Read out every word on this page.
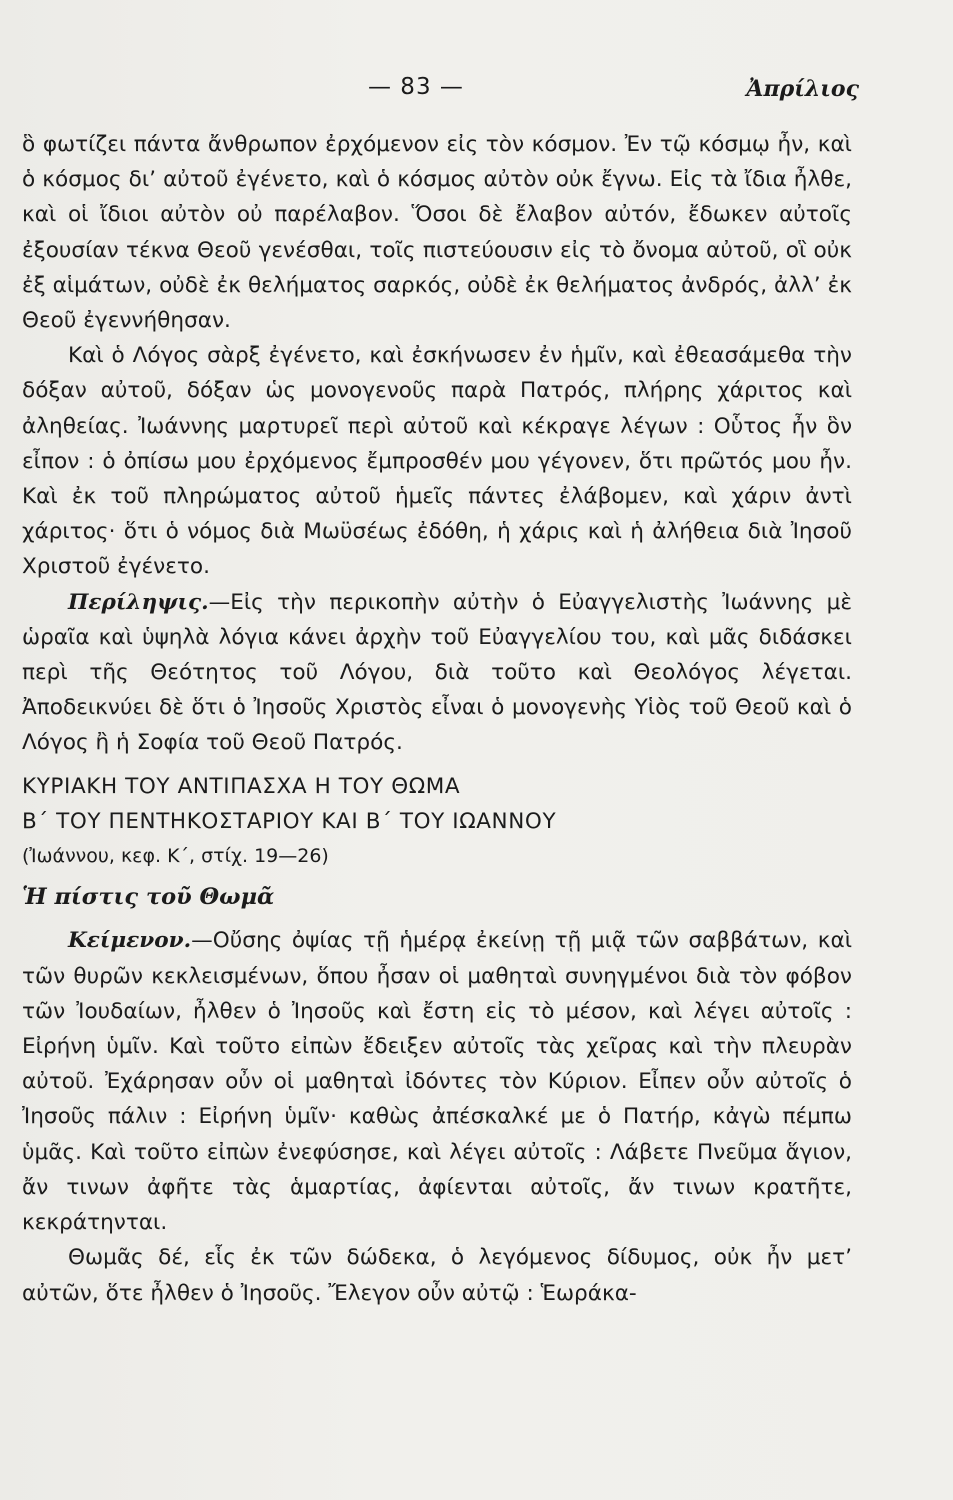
— 83 —	Ἀπρίλιος

ὃ φωτίζει πάντα ἄνθρωπον ἐρχόμενον εἰς τὸν κόσμον. Ἐν τῷ κόσμῳ ἦν, καὶ ὁ κόσμος δι’ αὐτοῦ ἐγένετο, καὶ ὁ κόσμος αὐτὸν οὐκ ἔγνω. Εἰς τὰ ἴδια ἦλθε, καὶ οἱ ἴδιοι αὐτὸν οὐ παρέλαβον. Ὅσοι δὲ ἔλαβον αὐτόν, ἔδωκεν αὐτοῖς ἐξουσίαν τέκνα Θεοῦ γενέσθαι, τοῖς πιστεύουσιν εἰς τὸ ὄνομα αὐτοῦ, οἳ οὐκ ἐξ αἱμάτων, οὐδὲ ἐκ θελήματος σαρκός, οὐδὲ ἐκ θελήματος ἀνδρός, ἀλλ’ ἐκ Θεοῦ ἐγεννήθησαν.

Καὶ ὁ Λόγος σὰρξ ἐγένετο, καὶ ἐσκήνωσεν ἐν ἡμῖν, καὶ ἐθεασάμεθα τὴν δόξαν αὐτοῦ, δόξαν ὡς μονογενοῦς παρὰ Πατρός, πλήρης χάριτος καὶ ἀληθείας. Ἰωάννης μαρτυρεῖ περὶ αὐτοῦ καὶ κέκραγε λέγων : Οὗτος ἦν ὃν εἶπον : ὁ ὀπίσω μου ἐρχόμενος ἔμπροσθέν μου γέγονεν, ὅτι πρῶτός μου ἦν. Καὶ ἐκ τοῦ πληρώματος αὐτοῦ ἡμεῖς πάντες ἐλάβομεν, καὶ χάριν ἀντὶ χάριτος· ὅτι ὁ νόμος διὰ Μωϋσέως ἐδόθη, ἡ χάρις καὶ ἡ ἀλήθεια διὰ Ἰησοῦ Χριστοῦ ἐγένετο.

Περίληψις.—Εἰς τὴν περικοπὴν αὐτὴν ὁ Εὐαγγελιστὴς Ἰωάννης μὲ ὡραῖα καὶ ὑψηλὰ λόγια κάνει ἀρχὴν τοῦ Εὐαγγελίου του, καὶ μᾶς διδάσκει περὶ τῆς Θεότητος τοῦ Λόγου, διὰ τοῦτο καὶ Θεολόγος λέγεται. Ἀποδεικνύει δὲ ὅτι ὁ Ἰησοῦς Χριστὸς εἶναι ὁ μονογενὴς Υἱὸς τοῦ Θεοῦ καὶ ὁ Λόγος ἢ ἡ Σοφία τοῦ Θεοῦ Πατρός.

ΚΥΡΙΑΚΗ ΤΟΥ ΑΝΤΙΠΑΣΧΑ Η ΤΟΥ ΘΩΜΑ

Β΄ ΤΟΥ ΠΕΝΤΗΚΟΣΤΑΡΙΟΥ ΚΑΙ Β΄ ΤΟΥ ΙΩΑΝΝΟΥ

(Ἰωάννου, κεφ. Κ΄, στίχ. 19—26)

Ἡ πίστις τοῦ Θωμᾶ

Κείμενον.—Οὔσης ὀψίας τῇ ἡμέρᾳ ἐκείνῃ τῇ μιᾷ τῶν σαββάτων, καὶ τῶν θυρῶν κεκλεισμένων, ὅπου ἦσαν οἱ μαθηταὶ συνηγμένοι διὰ τὸν φόβον τῶν Ἰουδαίων, ἦλθεν ὁ Ἰησοῦς καὶ ἔστη εἰς τὸ μέσον, καὶ λέγει αὐτοῖς : Εἰρήνη ὑμῖν. Καὶ τοῦτο εἰπὼν ἔδειξεν αὐτοῖς τὰς χεῖρας καὶ τὴν πλευρὰν αὐτοῦ. Ἐχάρησαν οὖν οἱ μαθηταὶ ἰδόντες τὸν Κύριον. Εἶπεν οὖν αὐτοῖς ὁ Ἰησοῦς πάλιν : Εἰρήνη ὑμῖν· καθὼς ἀπέσκαλκέ με ὁ Πατήρ, κἀγὼ πέμπω ὑμᾶς. Καὶ τοῦτο εἰπὼν ἐνεφύσησε, καὶ λέγει αὐτοῖς : Λάβετε Πνεῦμα ἅγιον, ἄν τινων ἀφῆτε τὰς ἁμαρτίας, ἀφίενται αὐτοῖς, ἄν τινων κρατῆτε, κεκράτηνται.

Θωμᾶς δέ, εἷς ἐκ τῶν δώδεκα, ὁ λεγόμενος δίδυμος, οὐκ ἦν μετ’ αὐτῶν, ὅτε ἦλθεν ὁ Ἰησοῦς. Ἔλεγον οὖν αὐτῷ : Ἑωράκα-
